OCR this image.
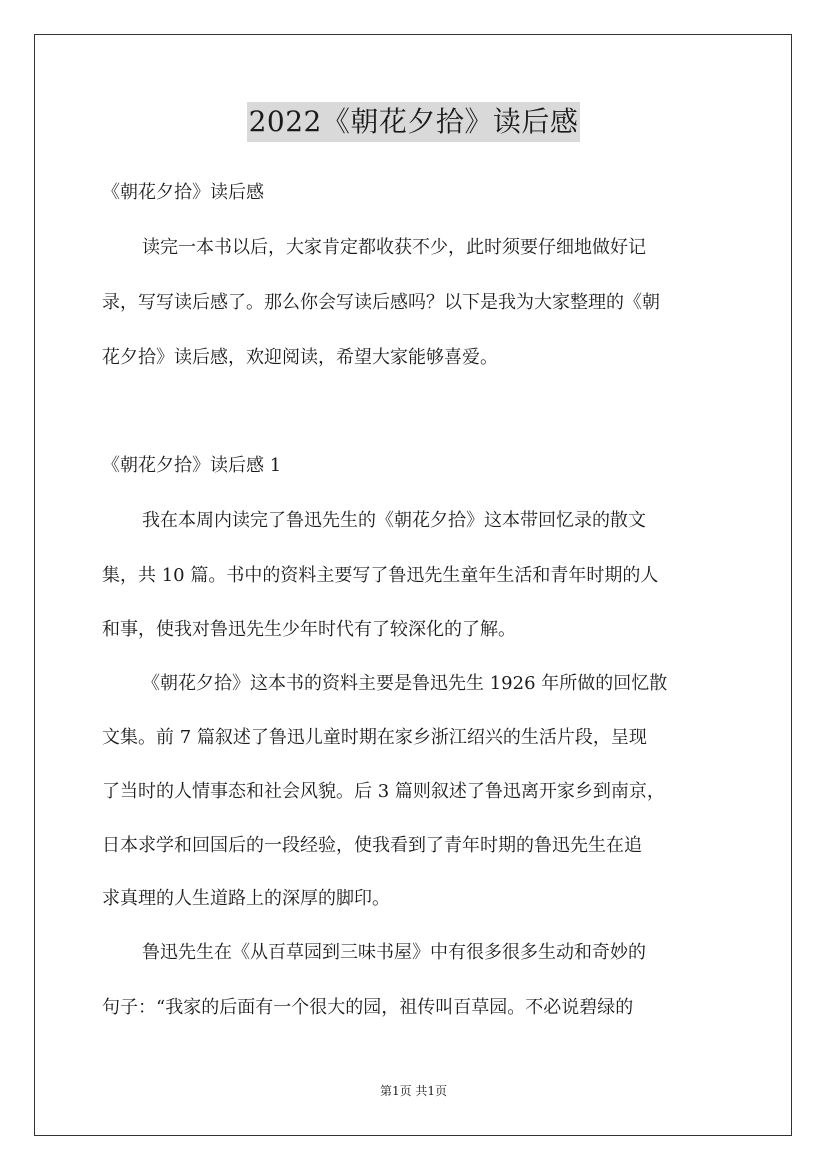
2022《朝花夕拾》读后感
《朝花夕拾》读后感
读完一本书以后，大家肯定都收获不少，此时须要仔细地做好记
录，写写读后感了。那么你会写读后感吗？以下是我为大家整理的《朝
花夕拾》读后感，欢迎阅读，希望大家能够喜爱。
《朝花夕拾》读后感 1
我在本周内读完了鲁迅先生的《朝花夕拾》这本带回忆录的散文
集，共 10 篇。书中的资料主要写了鲁迅先生童年生活和青年时期的人
和事，使我对鲁迅先生少年时代有了较深化的了解。
《朝花夕拾》这本书的资料主要是鲁迅先生 1926 年所做的回忆散
文集。前 7 篇叙述了鲁迅儿童时期在家乡浙江绍兴的生活片段，呈现
了当时的人情事态和社会风貌。后 3 篇则叙述了鲁迅离开家乡到南京，
日本求学和回国后的一段经验，使我看到了青年时期的鲁迅先生在追
求真理的人生道路上的深厚的脚印。
鲁迅先生在《从百草园到三味书屋》中有很多很多生动和奇妙的
句子：“我家的后面有一个很大的园，祖传叫百草园。不必说碧绿的
第1页 共1页
